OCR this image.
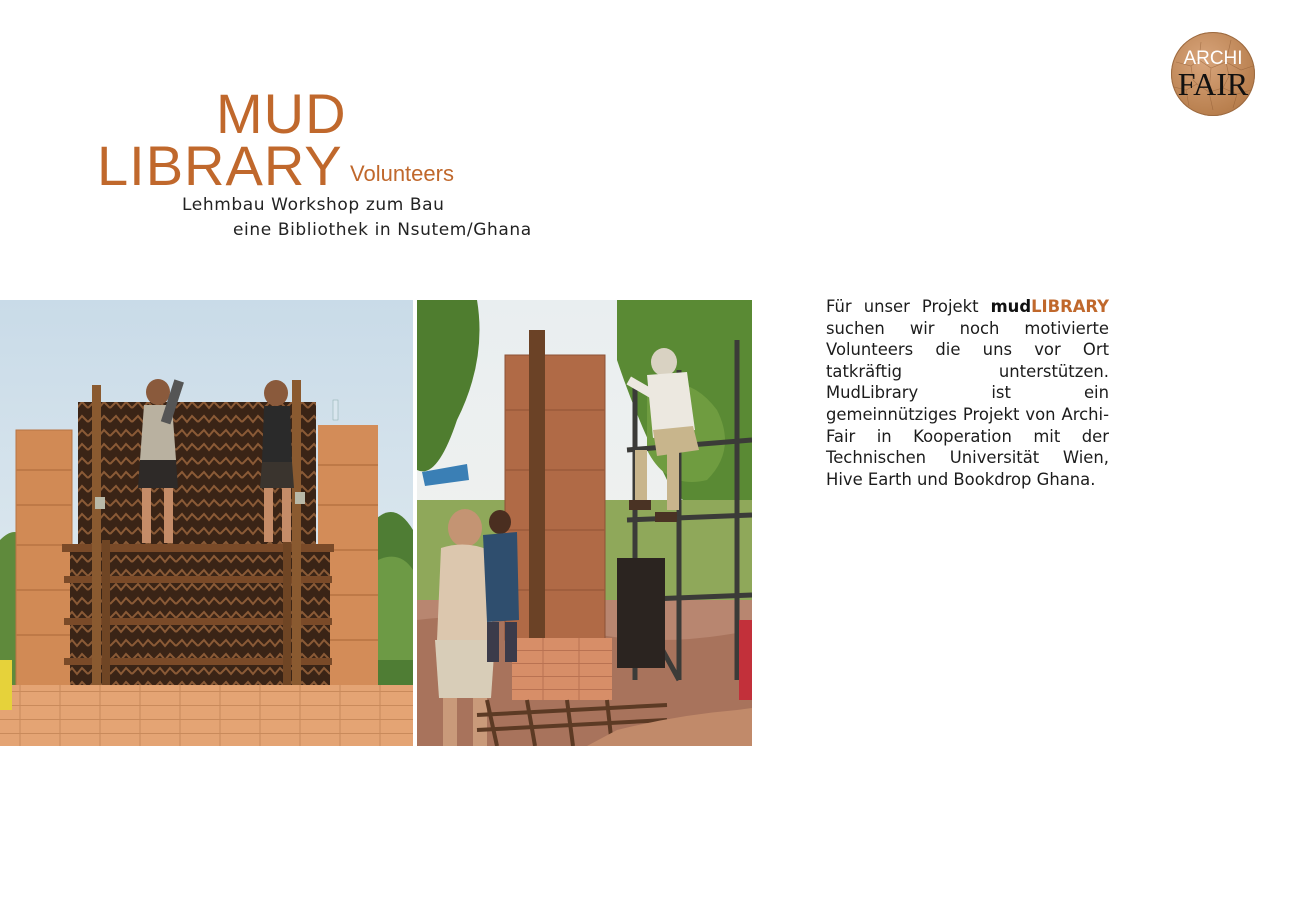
MUD
LIBRARY Volunteers
Lehmbau Workshop zum Bau
eine Bibliothek in Nsutem/Ghana
ARCHI
FAIR
Für unser Projekt mudLIBRARY suchen wir noch motivierte Volunteers die uns vor Ort tatkräftig unterstützen. MudLibrary ist ein gemeinnütziges Projekt von Archi-Fair in Kooperation mit der Technischen Universität Wien, Hive Earth und Bookdrop Ghana.
